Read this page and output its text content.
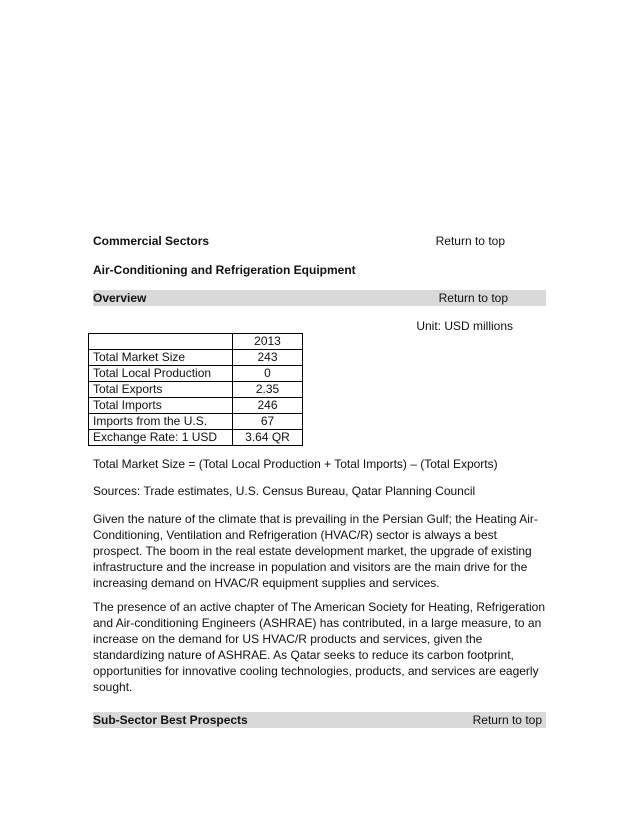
Commercial Sectors	Return to top
Air-Conditioning and Refrigeration Equipment
Overview	Return to top
Unit: USD millions
	2013
Total Market Size	243
Total Local Production	0
Total Exports	2.35
Total Imports	246
Imports from the U.S.	67
Exchange Rate: 1 USD	3.64 QR
Total Market Size = (Total Local Production + Total Imports) – (Total Exports)
Sources: Trade estimates, U.S. Census Bureau, Qatar Planning Council
Given the nature of the climate that is prevailing in the Persian Gulf; the Heating Air-Conditioning, Ventilation and Refrigeration (HVAC/R) sector is always a best prospect. The boom in the real estate development market, the upgrade of existing infrastructure and the increase in population and visitors are the main drive for the increasing demand on HVAC/R equipment supplies and services.
The presence of an active chapter of The American Society for Heating, Refrigeration and Air-conditioning Engineers (ASHRAE) has contributed, in a large measure, to an increase on the demand for US HVAC/R products and services, given the standardizing nature of ASHRAE. As Qatar seeks to reduce its carbon footprint, opportunities for innovative cooling technologies, products, and services are eagerly sought.
Sub-Sector Best Prospects	Return to top
